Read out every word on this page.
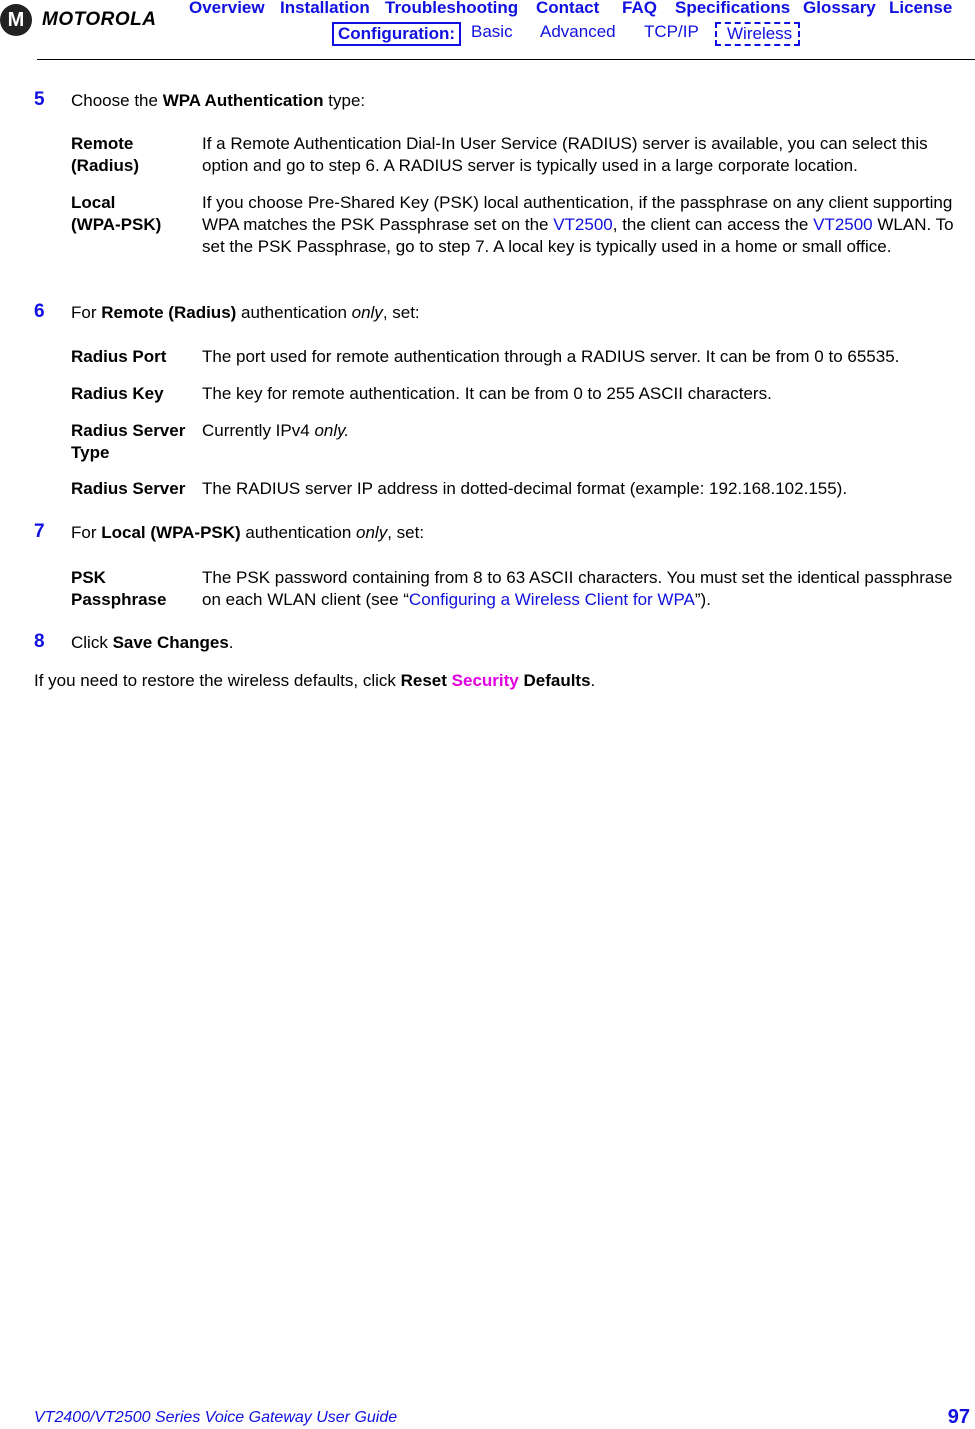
M MOTOROLA
Overview Installation Troubleshooting Contact FAQ Specifications Glossary License
Configuration: Basic Advanced TCP/IP	Wireless
5 Choose the WPA Authentication type:
Remote
(Radius)
If a Remote Authentication Dial-In User Service (RADIUS) server is available, you can select this option and go to step 6. A RADIUS server is typically used in a large corporate location.
Local
(WPA-PSK)
If you choose Pre-Shared Key (PSK) local authentication, if the passphrase on any client supporting WPA matches the PSK Passphrase set on the VT2500, the client can access the VT2500 WLAN. To set the PSK Passphrase, go to step 7. A local key is typically used in a home or small office.
6 For Remote (Radius) authentication only, set:
Radius Port The port used for remote authentication through a RADIUS server. It can be from 0 to 65535.
Radius Key The key for remote authentication. It can be from 0 to 255 ASCII characters.
Radius Server
Type
Currently IPv4 only.
Radius Server The RADIUS server IP address in dotted-decimal format (example: 192.168.102.155).
7 For Local (WPA-PSK) authentication only, set:
PSK
Passphrase
The PSK password containing from 8 to 63 ASCII characters. You must set the identical passphrase on each WLAN client (see “Configuring a Wireless Client for WPA”).
8 Click Save Changes.
If you need to restore the wireless defaults, click Reset Security Defaults.
VT2400/VT2500 Series Voice Gateway User Guide	97
